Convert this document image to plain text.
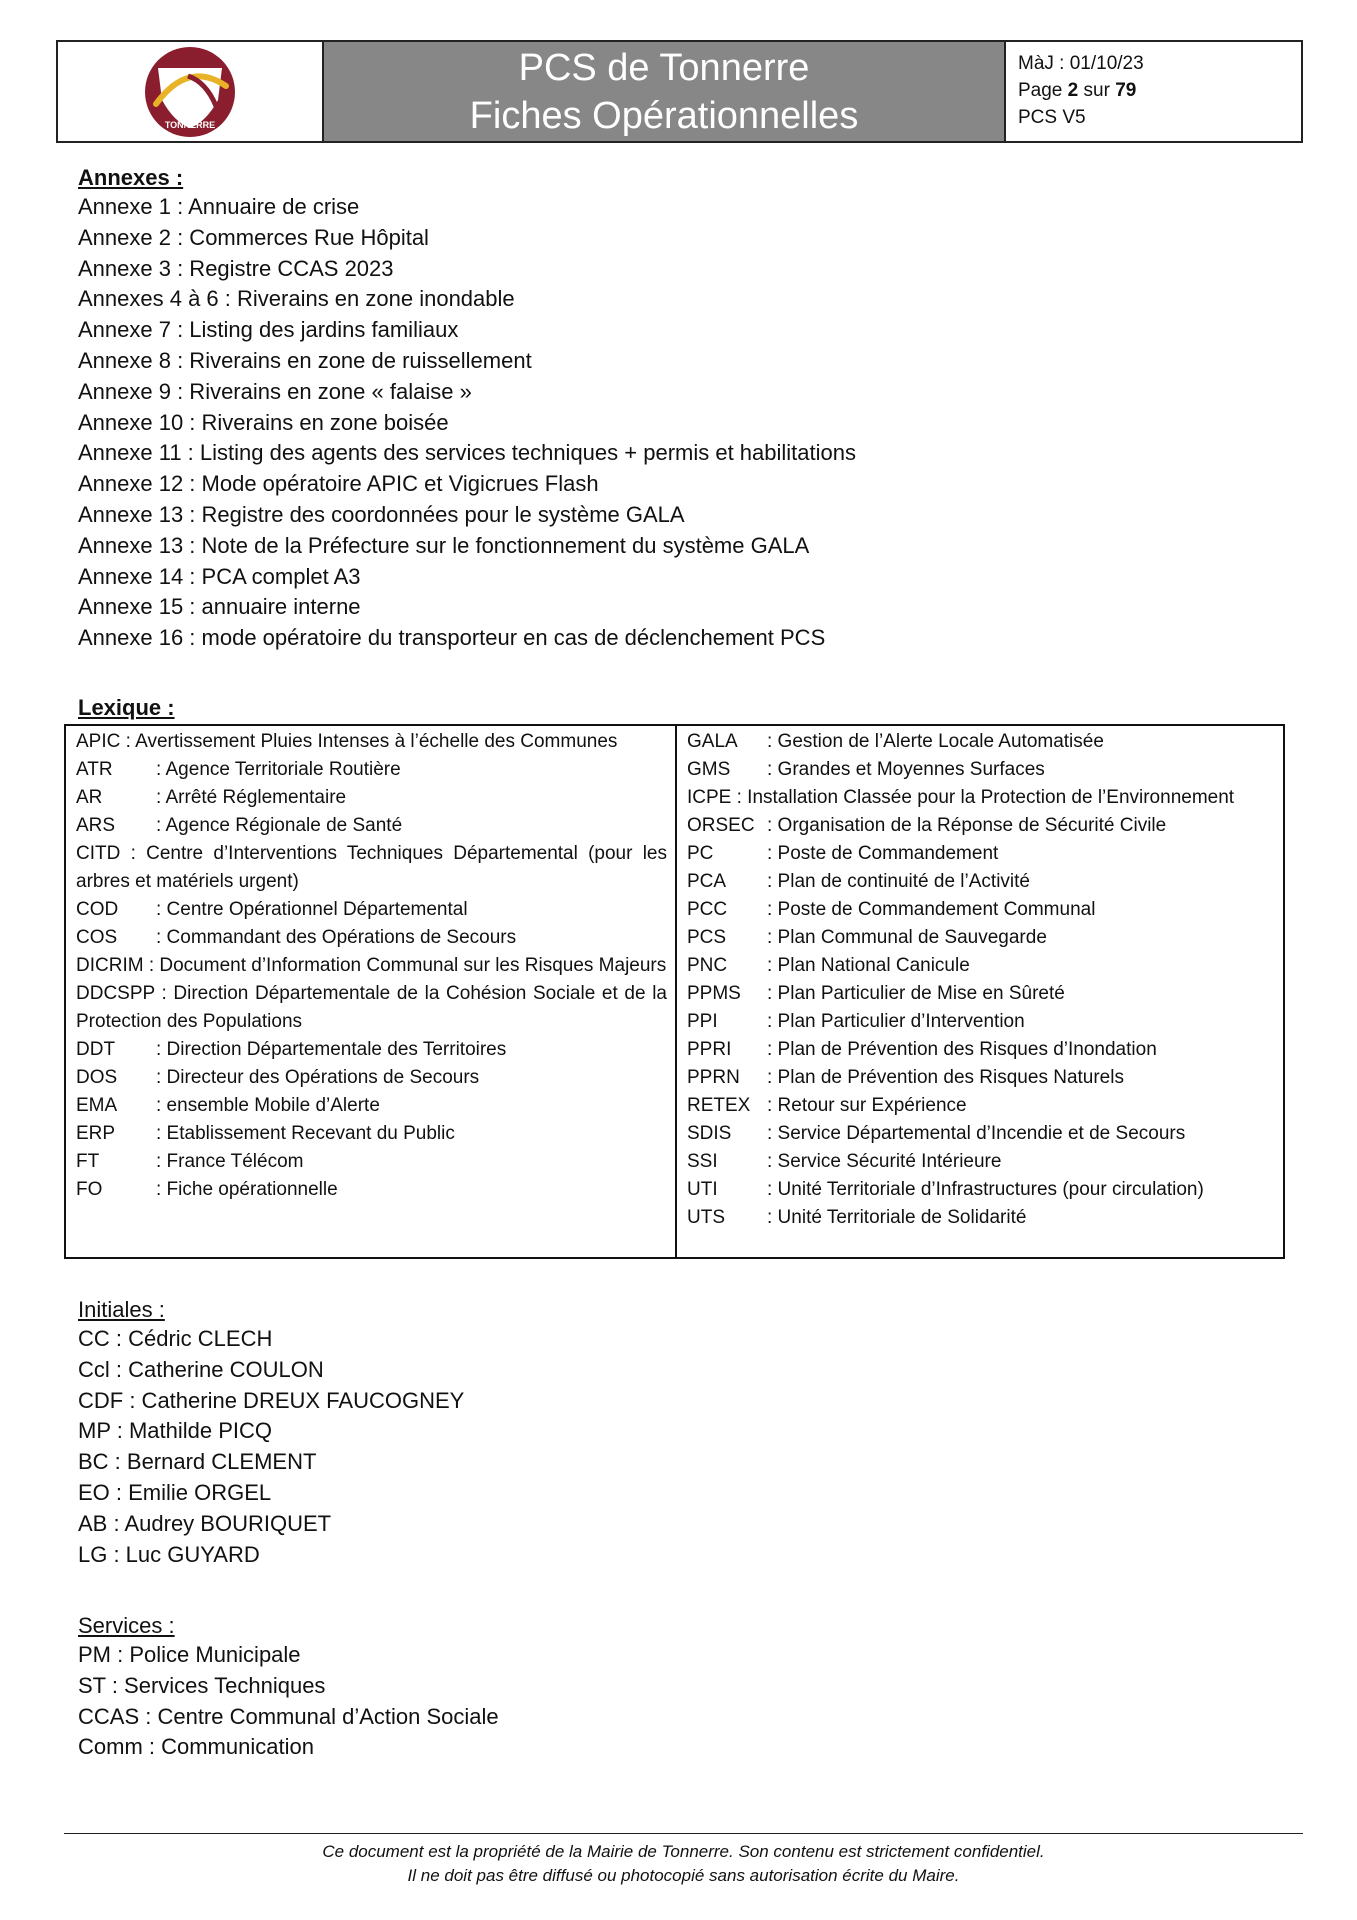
TONNERRE
PCS de Tonnerre
Fiches Opérationnelles
MàJ : 01/10/23
Page 2 sur 79
PCS V5
Annexes :
Annexe 1 : Annuaire de crise
Annexe 2 : Commerces Rue Hôpital
Annexe 3 : Registre CCAS 2023
Annexes 4 à 6 : Riverains en zone inondable
Annexe 7 : Listing des jardins familiaux
Annexe 8 : Riverains en zone de ruissellement
Annexe 9 : Riverains en zone « falaise »
Annexe 10 : Riverains en zone boisée
Annexe 11 : Listing des agents des services techniques + permis et habilitations
Annexe 12 : Mode opératoire APIC et Vigicrues Flash
Annexe 13 : Registre des coordonnées pour le système GALA
Annexe 13 : Note de la Préfecture sur le fonctionnement du système GALA
Annexe 14 : PCA complet A3
Annexe 15 : annuaire interne
Annexe 16 : mode opératoire du transporteur en cas de déclenchement PCS
Lexique :
APIC : Avertissement Pluies Intenses à l’échelle des Communes
ATR	: Agence Territoriale Routière
AR	: Arrêté Réglementaire
ARS	: Agence Régionale de Santé
CITD : Centre d’Interventions Techniques Départemental (pour les arbres et matériels urgent)
COD	: Centre Opérationnel Départemental
COS	: Commandant des Opérations de Secours
DICRIM : Document d’Information Communal sur les Risques Majeurs
DDCSPP : Direction Départementale de la Cohésion Sociale et de la Protection des Populations
DDT	: Direction Départementale des Territoires
DOS	: Directeur des Opérations de Secours
EMA	: ensemble Mobile d’Alerte
ERP	: Etablissement Recevant du Public
FT	: France Télécom
FO	: Fiche opérationnelle
GALA	: Gestion de l’Alerte Locale Automatisée
GMS	: Grandes et Moyennes Surfaces
ICPE : Installation Classée pour la Protection de l’Environnement
ORSEC : Organisation de la Réponse de Sécurité Civile
PC	: Poste de Commandement
PCA	: Plan de continuité de l’Activité
PCC	: Poste de Commandement Communal
PCS	: Plan Communal de Sauvegarde
PNC	: Plan National Canicule
PPMS	: Plan Particulier de Mise en Sûreté
PPI	: Plan Particulier d’Intervention
PPRI	: Plan de Prévention des Risques d’Inondation
PPRN	: Plan de Prévention des Risques Naturels
RETEX : Retour sur Expérience
SDIS	: Service Départemental d’Incendie et de Secours
SSI	: Service Sécurité Intérieure
UTI	: Unité Territoriale d’Infrastructures (pour circulation)
UTS	: Unité Territoriale de Solidarité
Initiales :
CC : Cédric CLECH
Ccl : Catherine COULON
CDF : Catherine DREUX FAUCOGNEY
MP : Mathilde PICQ
BC : Bernard CLEMENT
EO : Emilie ORGEL
AB : Audrey BOURIQUET
LG : Luc GUYARD
Services :
PM : Police Municipale
ST : Services Techniques
CCAS : Centre Communal d’Action Sociale
Comm : Communication
Ce document est la propriété de la Mairie de Tonnerre. Son contenu est strictement confidentiel.
Il ne doit pas être diffusé ou photocopié sans autorisation écrite du Maire.
